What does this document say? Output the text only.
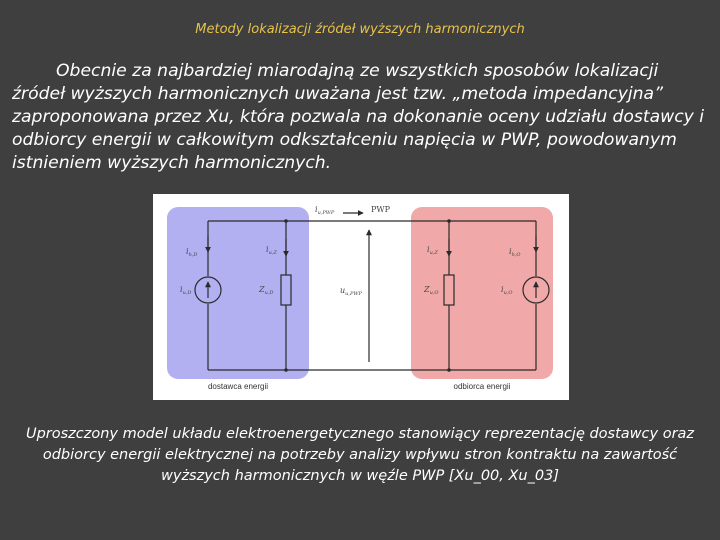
Metody lokalizacji źródeł wyższych harmonicznych

Obecnie za najbardziej miarodajną ze wszystkich sposobów lokalizacji źródeł wyższych harmonicznych uważana jest tzw. „metoda impedancyjna” zaproponowana przez Xu, która pozwala na dokonanie oceny udziału dostawcy i odbiorcy energii w całkowitym odkształceniu napięcia w PWP, powodowanym istnieniem wyższych harmonicznych.

$i_{u,PWP}$	PWP
$u_{u,PWP}$
$i_{h,D}$
$i_{u,D}$
$i_{u,Z}$
$Z_{u,D}$
$i_{u,Z}$
$Z_{u,O}$
$i_{h,O}$
$i_{u,O}$
dostawca energii	odbiorca energii

Uproszczony model układu elektroenergetycznego stanowiący reprezentację dostawcy oraz odbiorcy energii elektrycznej na potrzeby analizy wpływu stron kontraktu na zawartość wyższych harmonicznych w węźle PWP [Xu_00, Xu_03]
